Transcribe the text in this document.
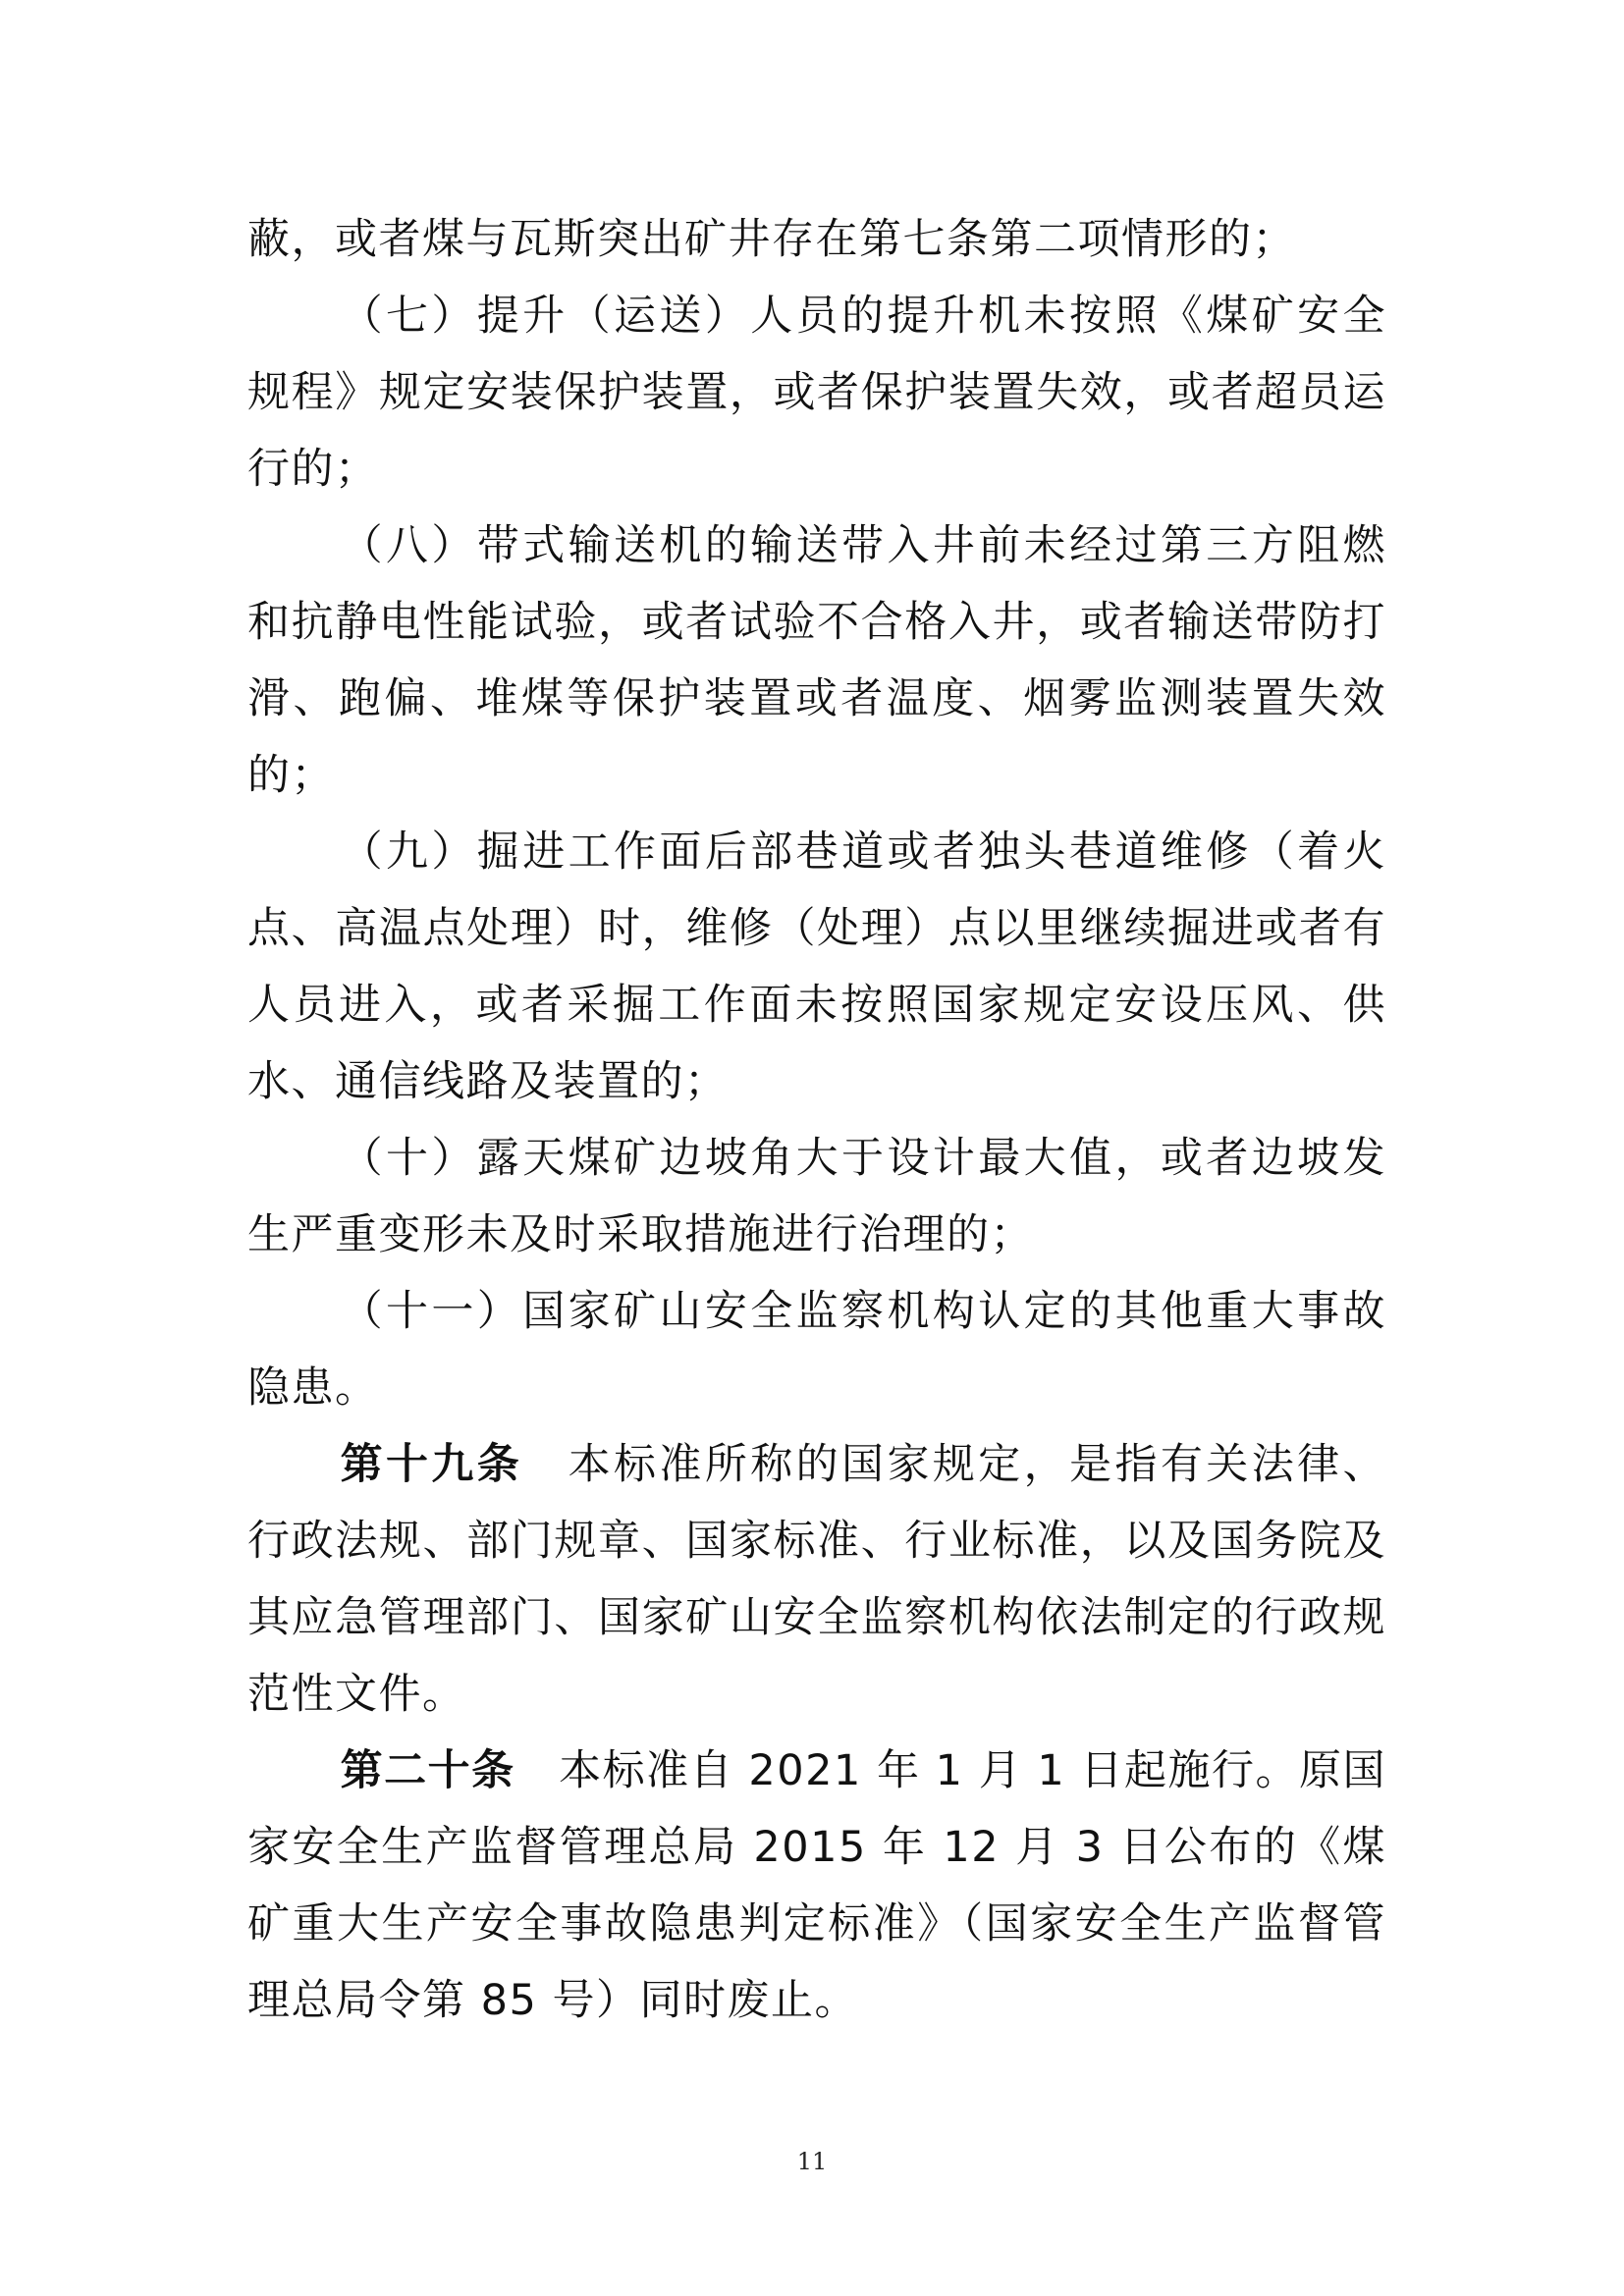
蔽，或者煤与瓦斯突出矿井存在第七条第二项情形的；

（七）提升（运送）人员的提升机未按照《煤矿安全规程》规定安装保护装置，或者保护装置失效，或者超员运行的；

（八）带式输送机的输送带入井前未经过第三方阻燃和抗静电性能试验，或者试验不合格入井，或者输送带防打滑、跑偏、堆煤等保护装置或者温度、烟雾监测装置失效的；

（九）掘进工作面后部巷道或者独头巷道维修（着火点、高温点处理）时，维修（处理）点以里继续掘进或者有人员进入，或者采掘工作面未按照国家规定安设压风、供水、通信线路及装置的；

（十）露天煤矿边坡角大于设计最大值，或者边坡发生严重变形未及时采取措施进行治理的；

（十一）国家矿山安全监察机构认定的其他重大事故隐患。

第十九条　 本标准所称的国家规定，是指有关法律、行政法规、部门规章、国家标准、行业标准，以及国务院及其应急管理部门、国家矿山安全监察机构依法制定的行政规范性文件。

第二十条　 本标准自 2021 年 1 月 1 日起施行。原国家安全生产监督管理总局 2015 年 12 月 3 日公布的《煤矿重大生产安全事故隐患判定标准》（国家安全生产监督管理总局令第 85 号）同时废止。

11
